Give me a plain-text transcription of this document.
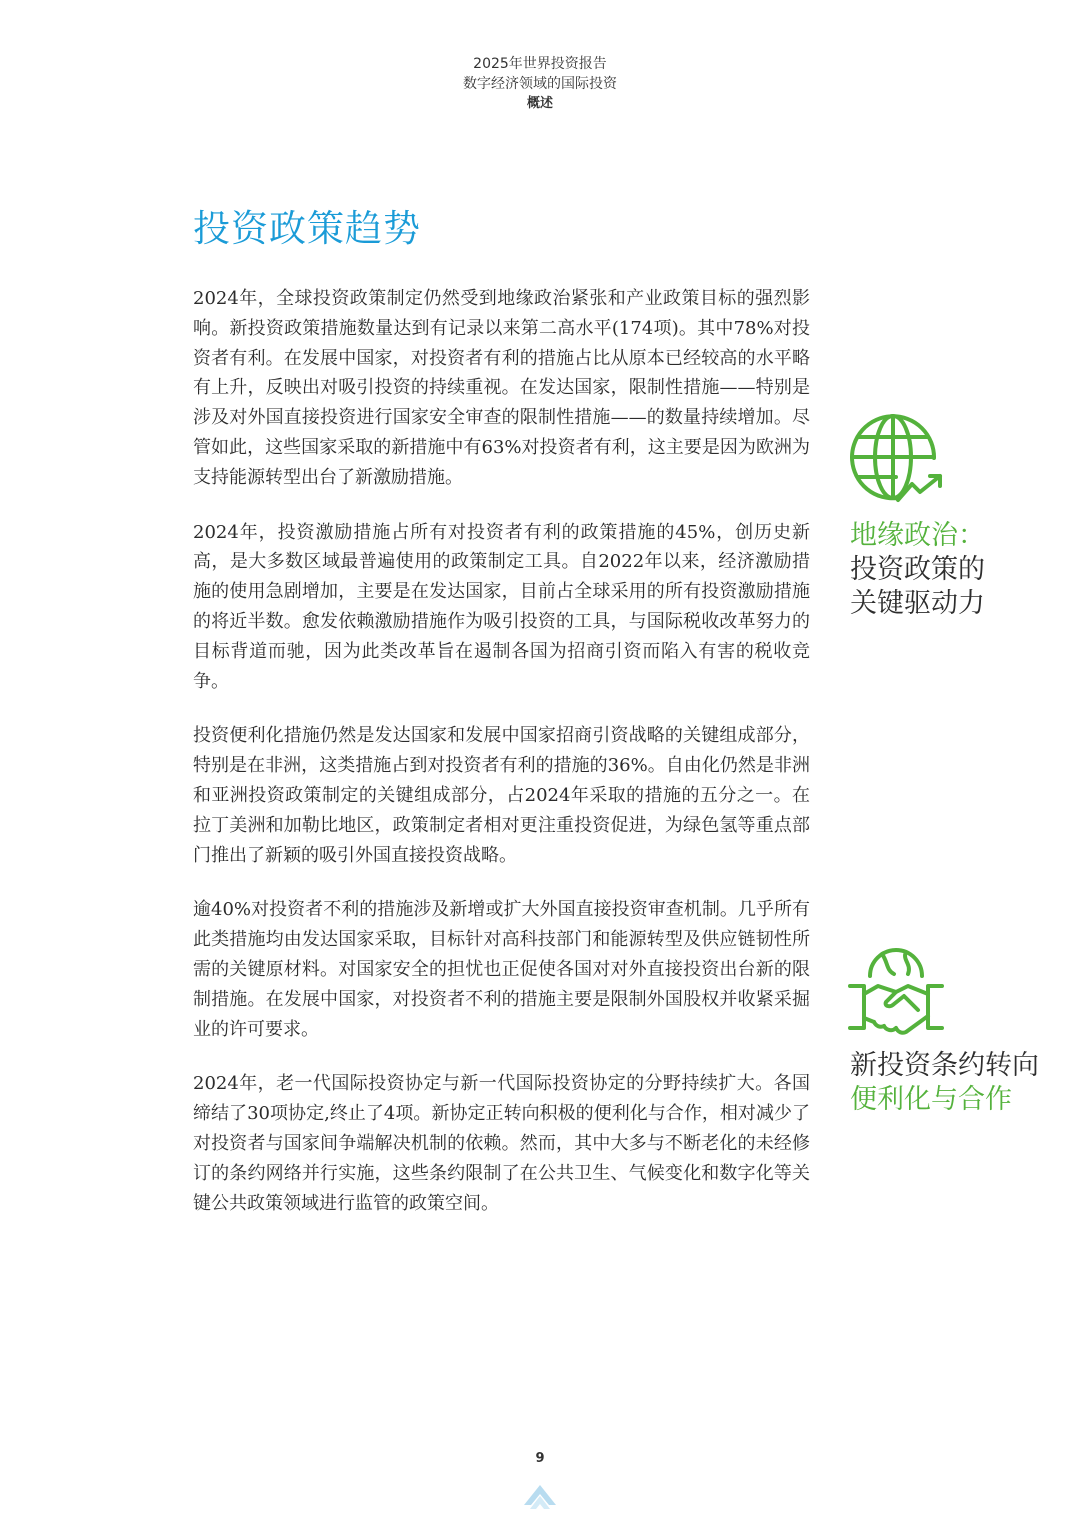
2025年世界投资报告
数字经济领域的国际投资
概述
投资政策趋势

2024年，全球投资政策制定仍然受到地缘政治紧张和产业政策目标的强烈影响。新投资政策措施数量达到有记录以来第二高水平(174项)。其中78%对投资者有利。在发展中国家，对投资者有利的措施占比从原本已经较高的水平略有上升，反映出对吸引投资的持续重视。在发达国家，限制性措施——特别是涉及对外国直接投资进行国家安全审查的限制性措施——的数量持续增加。尽管如此，这些国家采取的新措施中有63%对投资者有利，这主要是因为欧洲为支持能源转型出台了新激励措施。

2024年，投资激励措施占所有对投资者有利的政策措施的45%，创历史新高，是大多数区域最普遍使用的政策制定工具。自2022年以来，经济激励措施的使用急剧增加，主要是在发达国家，目前占全球采用的所有投资激励措施的将近半数。愈发依赖激励措施作为吸引投资的工具，与国际税收改革努力的目标背道而驰，因为此类改革旨在遏制各国为招商引资而陷入有害的税收竞争。

投资便利化措施仍然是发达国家和发展中国家招商引资战略的关键组成部分，特别是在非洲，这类措施占到对投资者有利的措施的36%。自由化仍然是非洲和亚洲投资政策制定的关键组成部分，占2024年采取的措施的五分之一。在拉丁美洲和加勒比地区，政策制定者相对更注重投资促进，为绿色氢等重点部门推出了新颖的吸引外国直接投资战略。

逾40%对投资者不利的措施涉及新增或扩大外国直接投资审查机制。几乎所有此类措施均由发达国家采取，目标针对高科技部门和能源转型及供应链韧性所需的关键原材料。对国家安全的担忧也正促使各国对对外直接投资出台新的限制措施。在发展中国家，对投资者不利的措施主要是限制外国股权并收紧采掘业的许可要求。

2024年，老一代国际投资协定与新一代国际投资协定的分野持续扩大。各国缔结了30项协定,终止了4项。新协定正转向积极的便利化与合作，相对减少了对投资者与国家间争端解决机制的依赖。然而，其中大多与不断老化的未经修订的条约网络并行实施，这些条约限制了在公共卫生、气候变化和数字化等关键公共政策领域进行监管的政策空间。

地缘政治：
投资政策的
关键驱动力
新投资条约转向
便利化与合作
9
